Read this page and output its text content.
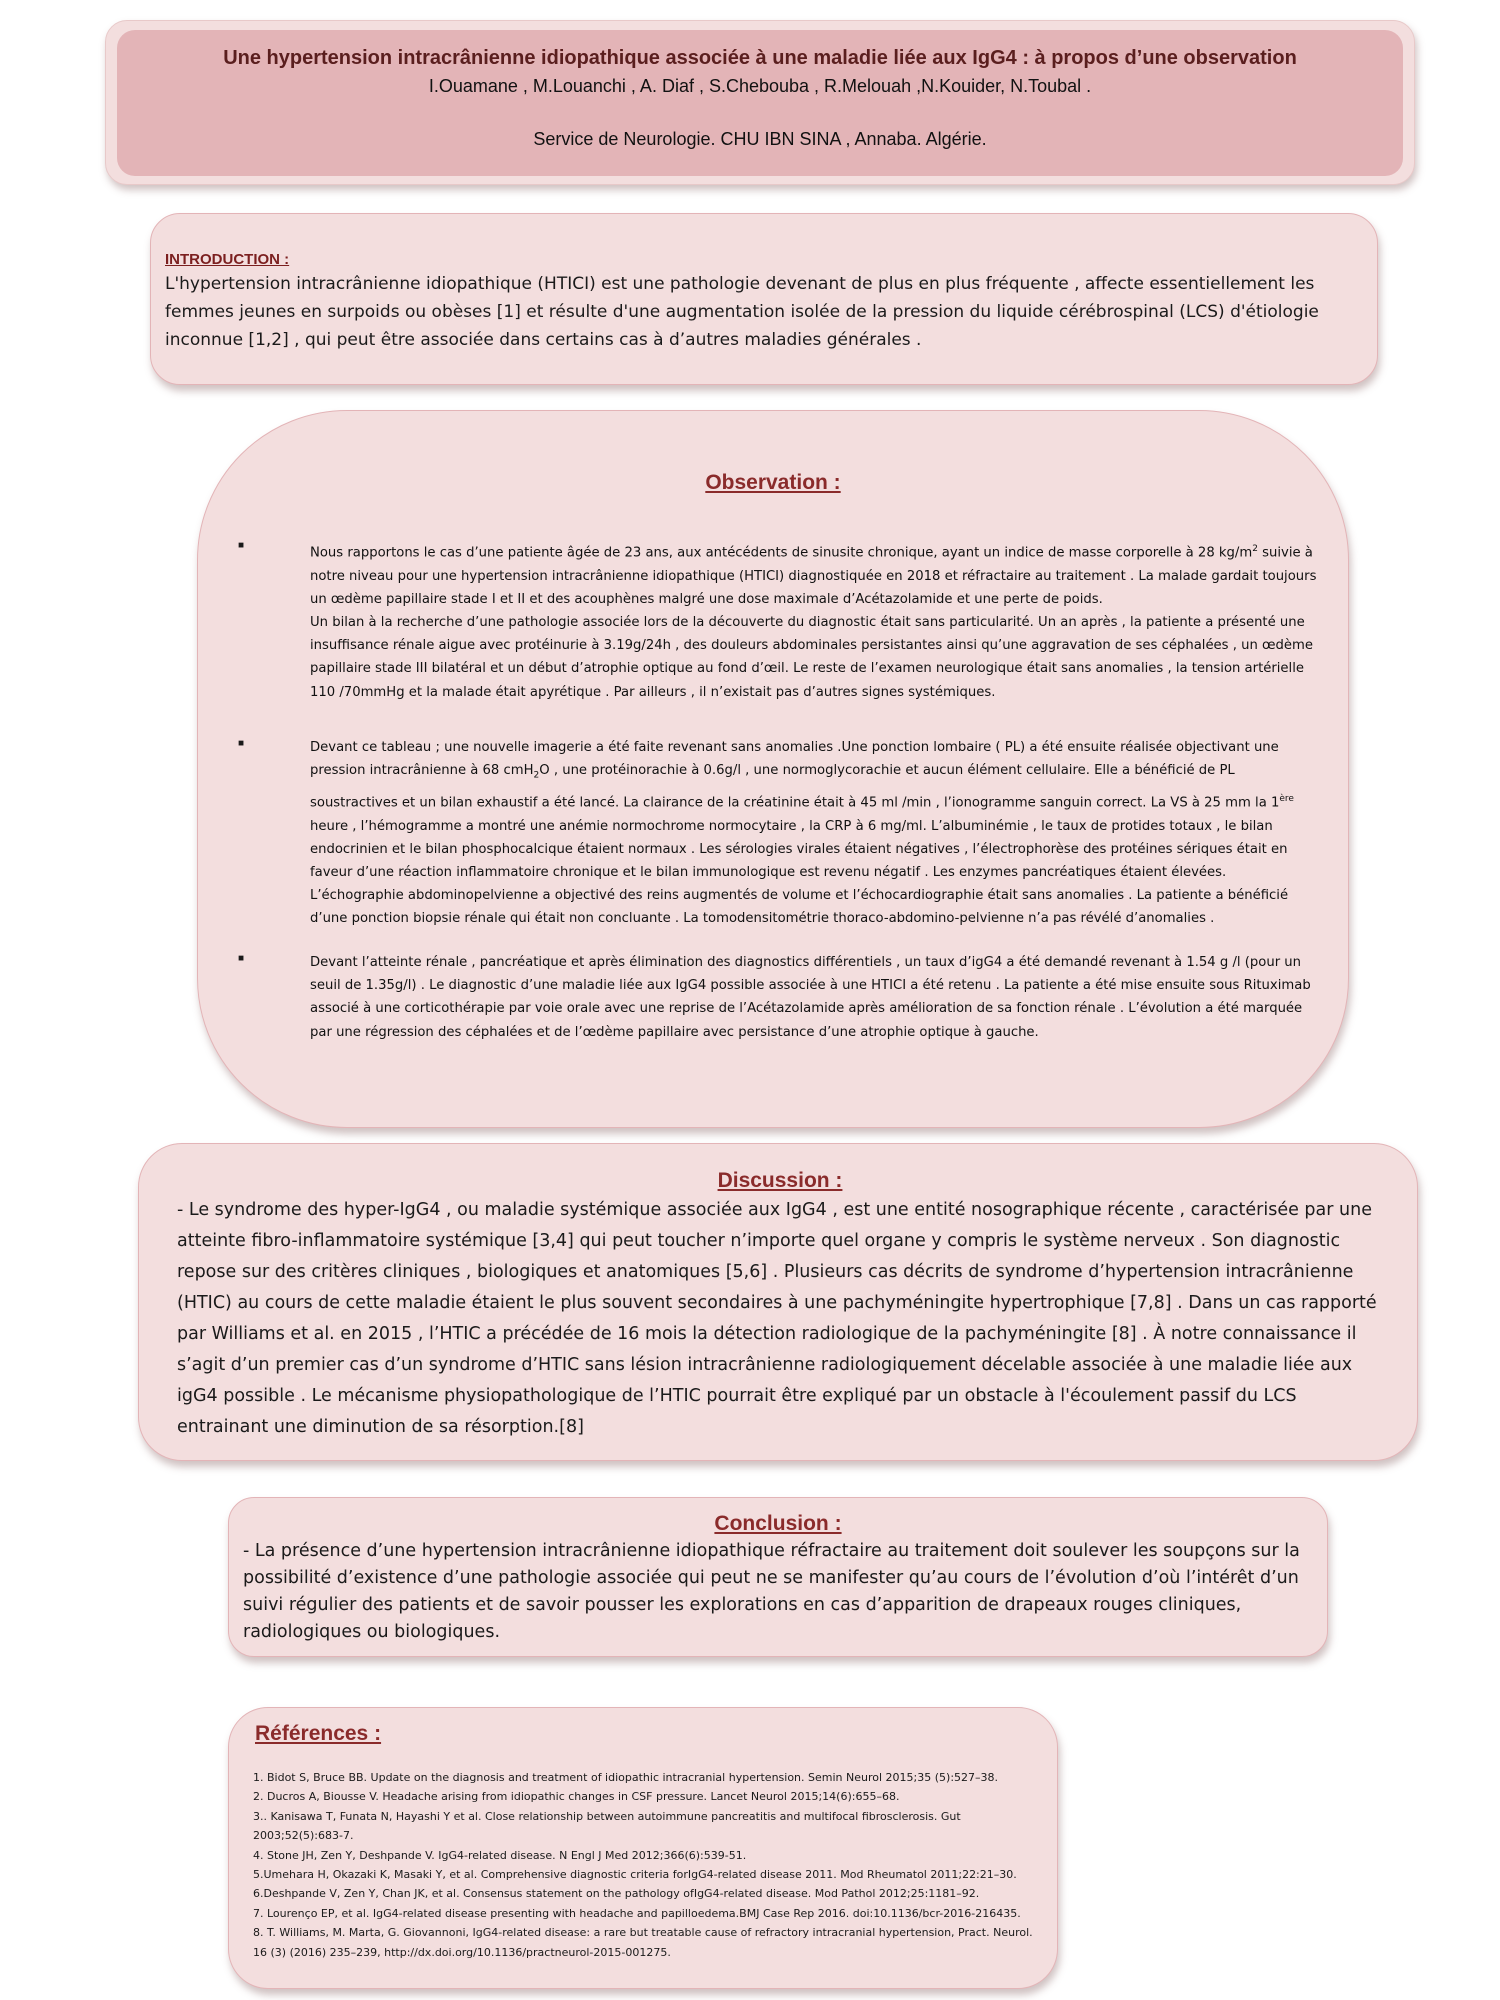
Une hypertension intracrânienne idiopathique associée à une maladie liée aux IgG4 : à propos d’une observation
I.Ouamane , M.Louanchi , A. Diaf , S.Chebouba , R.Melouah ,N.Kouider, N.Toubal .
Service de Neurologie. CHU IBN SINA , Annaba. Algérie.
INTRODUCTION :
L'hypertension intracrânienne idiopathique (HTICI) est une pathologie devenant de plus en plus fréquente , affecte essentiellement les femmes jeunes en surpoids ou obèses [1] et résulte d'une augmentation isolée de la pression du liquide cérébrospinal (LCS) d'étiologie inconnue [1,2] , qui peut être associée dans certains cas à d’autres maladies générales .
Observation :
■	Nous rapportons le cas d’une patiente âgée de 23 ans, aux antécédents de sinusite chronique, ayant un indice de masse corporelle à 28 $kg/m^2$ suivie à notre niveau pour une hypertension intracrânienne idiopathique (HTICI) diagnostiquée en 2018 et réfractaire au traitement . La malade gardait toujours un œdème papillaire stade I et II et des acouphènes malgré une dose maximale d’Acétazolamide et une perte de poids.
Un bilan à la recherche d’une pathologie associée lors de la découverte du diagnostic était sans particularité. Un an après , la patiente a présenté une insuffisance rénale aigue avec protéinurie à 3.19g/24h , des douleurs abdominales persistantes ainsi qu’une aggravation de ses céphalées , un œdème papillaire stade III bilatéral et un début d’atrophie optique au fond d’œil. Le reste de l’examen neurologique était sans anomalies , la tension artérielle 110 /70mmHg et la malade était apyrétique . Par ailleurs , il n’existait pas d’autres signes systémiques.
■	Devant ce tableau ; une nouvelle imagerie a été faite revenant sans anomalies .Une ponction lombaire ( PL) a été ensuite réalisée objectivant une pression intracrânienne à 68 cmH$_2$O , une protéinorachie à 0.6g/l , une normoglycorachie et aucun élément cellulaire. Elle a bénéficié de PL soustractives et un bilan exhaustif a été lancé. La clairance de la créatinine était à 45 ml /min , l’ionogramme sanguin correct. La VS à 25 mm la 1ère heure , l’hémogramme a montré une anémie normochrome normocytaire , la CRP à 6 mg/ml. L’albuminémie , le taux de protides totaux , le bilan endocrinien et le bilan phosphocalcique étaient normaux . Les sérologies virales étaient négatives , l’électrophorèse des protéines sériques était en faveur d’une réaction inflammatoire chronique et le bilan immunologique est revenu négatif . Les enzymes pancréatiques étaient élevées. L’échographie abdominopelvienne a objectivé des reins augmentés de volume et l’échocardiographie était sans anomalies . La patiente a bénéficié d’une ponction biopsie rénale qui était non concluante . La tomodensitométrie thoraco-abdomino-pelvienne n’a pas révélé d’anomalies .
■	Devant l’atteinte rénale , pancréatique et après élimination des diagnostics différentiels , un taux d’igG4 a été demandé revenant à 1.54 g /l (pour un seuil de 1.35g/l) . Le diagnostic d’une maladie liée aux IgG4 possible associée à une HTICI a été retenu . La patiente a été mise ensuite sous Rituximab associé à une corticothérapie par voie orale avec une reprise de l’Acétazolamide après amélioration de sa fonction rénale . L’évolution a été marquée par une régression des céphalées et de l’œdème papillaire avec persistance d’une atrophie optique à gauche.
Discussion :
- Le syndrome des hyper-IgG4 , ou maladie systémique associée aux IgG4 , est une entité nosographique récente , caractérisée par une atteinte fibro-inflammatoire systémique [3,4] qui peut toucher n’importe quel organe y compris le système nerveux . Son diagnostic repose sur des critères cliniques , biologiques et anatomiques [5,6] . Plusieurs cas décrits de syndrome d’hypertension intracrânienne (HTIC) au cours de cette maladie étaient le plus souvent secondaires à une pachyméningite hypertrophique [7,8] . Dans un cas rapporté par Williams et al. en 2015 , l’HTIC a précédée de 16 mois la détection radiologique de la pachyméningite [8] . À notre connaissance il s’agit d’un premier cas d’un syndrome d’HTIC sans lésion intracrânienne radiologiquement décelable associée à une maladie liée aux igG4 possible . Le mécanisme physiopathologique de l’HTIC pourrait être expliqué par un obstacle à l'écoulement passif du LCS entrainant une diminution de sa résorption.[8]
Conclusion :
- La présence d’une hypertension intracrânienne idiopathique réfractaire au traitement doit soulever les soupçons sur la possibilité d’existence d’une pathologie associée qui peut ne se manifester qu’au cours de l’évolution d’où l’intérêt d’un suivi régulier des patients et de savoir pousser les explorations en cas d’apparition de drapeaux rouges cliniques, radiologiques ou biologiques.
Références :
1. Bidot S, Bruce BB. Update on the diagnosis and treatment of idiopathic intracranial hypertension. Semin Neurol 2015;35 (5):527–38.
2. Ducros A, Biousse V. Headache arising from idiopathic changes in CSF pressure. Lancet Neurol 2015;14(6):655–68.
3.. Kanisawa T, Funata N, Hayashi Y et al. Close relationship between autoimmune pancreatitis and multifocal fibrosclerosis. Gut 2003;52(5):683-7.
4. Stone JH, Zen Y, Deshpande V. IgG4-related disease. N Engl J Med 2012;366(6):539-51.
5.Umehara H, Okazaki K, Masaki Y, et al. Comprehensive diagnostic criteria forIgG4-related disease 2011. Mod Rheumatol 2011;22:21–30.
6.Deshpande V, Zen Y, Chan JK, et al. Consensus statement on the pathology ofIgG4-related disease. Mod Pathol 2012;25:1181–92.
7. Lourenço EP, et al. IgG4-related disease presenting with headache and papilloedema.BMJ Case Rep 2016. doi:10.1136/bcr-2016-216435.
8. T. Williams, M. Marta, G. Giovannoni, IgG4-related disease: a rare but treatable cause of refractory intracranial hypertension, Pract. Neurol. 16 (3) (2016) 235–239, http://dx.doi.org/10.1136/practneurol-2015-001275.
